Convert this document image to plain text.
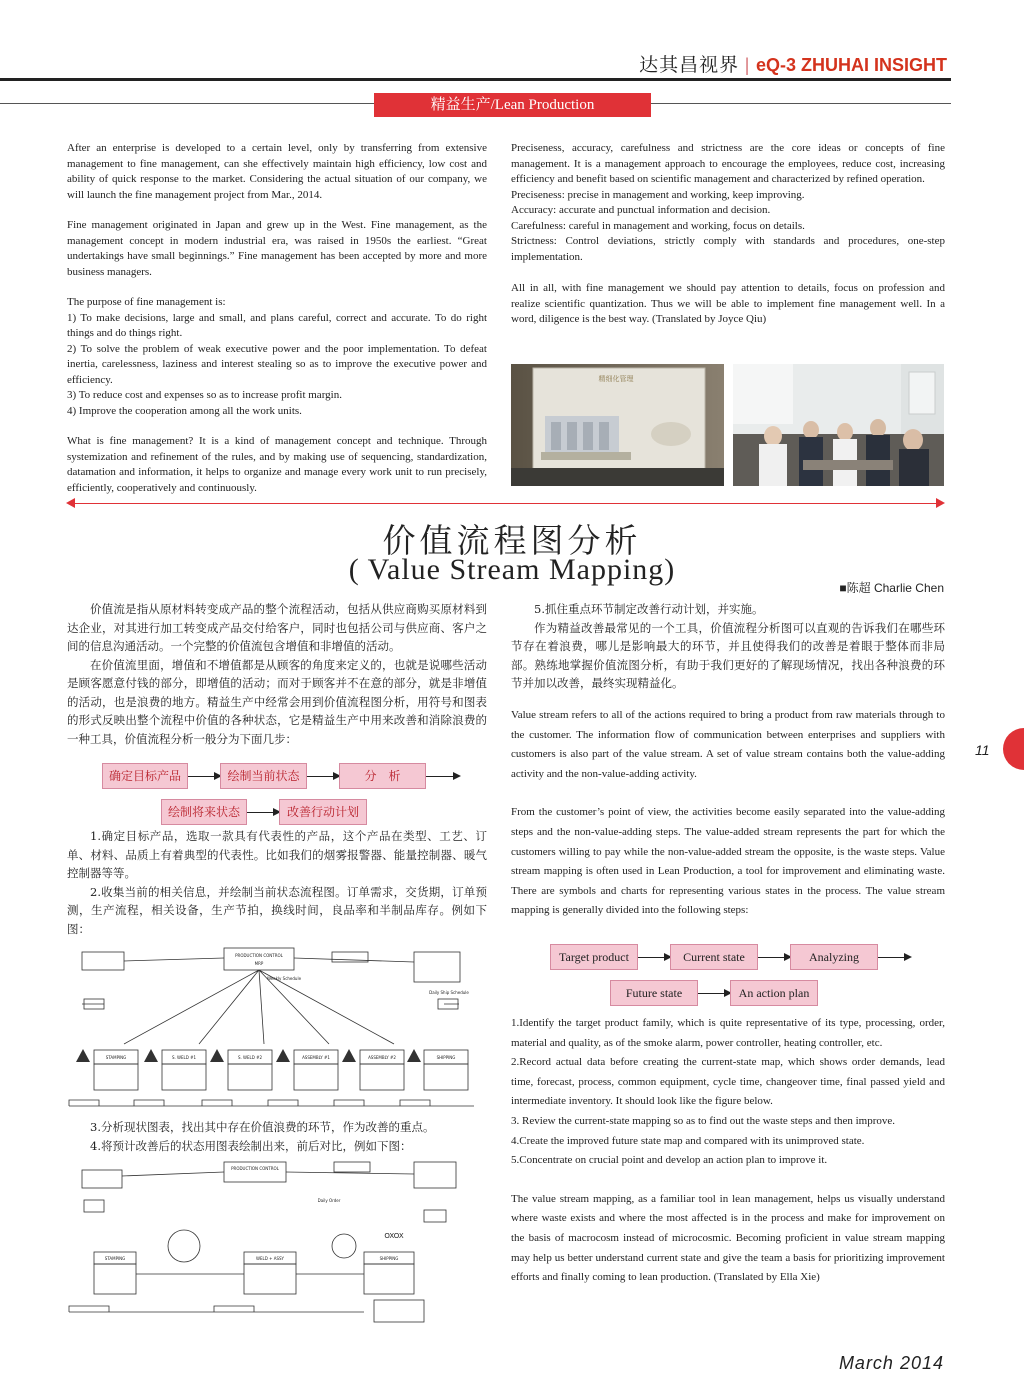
达其昌视界 | eQ-3 ZHUHAI INSIGHT
精益生产/Lean Production

After an enterprise is developed to a certain level, only by transferring from extensive management to fine management, can she effectively maintain high efficiency, low cost and ability of quick response to the market. Considering the actual situation of our company, we will launch the fine management project from Mar., 2014.

Fine management originated in Japan and grew up in the West. Fine management, as the management concept in modern industrial era, was raised in 1950s the earliest. “Great undertakings have small beginnings.” Fine management has been accepted by more and more business managers.

The purpose of fine management is:

1) To make decisions, large and small, and plans careful, correct and accurate. To do right things and do things right.

2) To solve the problem of weak executive power and the poor implementation. To defeat inertia, carelessness, laziness and interest stealing so as to improve the executive power and efficiency.

3) To reduce cost and expenses so as to increase profit margin.

4) Improve the cooperation among all the work units.

What is fine management? It is a kind of management concept and technique. Through systemization and refinement of the rules, and by making use of sequencing, standardization, datamation and information, it helps to organize and manage every work unit to run precisely, efficiently, cooperatively and continuously.

Preciseness, accuracy, carefulness and strictness are the core ideas or concepts of fine management. It is a management approach to encourage the employees, reduce cost, increasing efficiency and benefit based on scientific management and characterized by refined operation.

Preciseness: precise in management and working, keep improving.

Accuracy: accurate and punctual information and decision.

Carefulness: careful in management and working, focus on details.

Strictness: Control deviations, strictly comply with standards and procedures, one-step implementation.

All in all, with fine management we should pay attention to details, focus on profession and realize scientific quantization. Thus we will be able to implement fine management well. In a word, diligence is the best way. (Translated by Joyce Qiu)

精细化管理
价值流程图分析
( Value Stream Mapping)
■陈超 Charlie Chen

价值流是指从原材料转变成产品的整个流程活动，包括从供应商购买原材料到达企业，对其进行加工转变成产品交付给客户，同时也包括公司与供应商、客户之间的信息沟通活动。一个完整的价值流包含增值和非增值的活动。

在价值流里面，增值和不增值都是从顾客的角度来定义的，也就是说哪些活动是顾客愿意付钱的部分，即增值的活动；而对于顾客并不在意的部分，就是非增值的活动，也是浪费的地方。精益生产中经常会用到价值流程图分析，用符号和图表的形式反映出整个流程中价值的各种状态，它是精益生产中用来改善和消除浪费的一种工具，价值流程分析一般分为下面几步：

确定目标产品	绘制当前状态	分　析
绘制将来状态	改善行动计划

1.确定目标产品，选取一款具有代表性的产品，这个产品在类型、工艺、订单、材料、品质上有着典型的代表性。比如我们的烟雾报警器、能量控制器、暖气控制器等等。

2.收集当前的相关信息，并绘制当前状态流程图。订单需求，交货期，订单预测，生产流程，相关设备，生产节拍，换线时间，良品率和半制品库存。例如下图：

PRODUCTION CONTROL
MRP
Weekly Schedule
Daily Ship Schedule
STAMPING	S. WELD #1	S. WELD #2	ASSEMBLY #1	ASSEMBLY #2	SHIPPING

3.分析现状图表，找出其中存在价值浪费的环节，作为改善的重点。

4.将预计改善后的状态用图表绘制出来，前后对比，例如下图：

PRODUCTION CONTROL
Daily Order
OXOX
STAMPING	WELD + ASSY	SHIPPING

5.抓住重点环节制定改善行动计划，并实施。

作为精益改善最常见的一个工具，价值流程分析图可以直观的告诉我们在哪些环节存在着浪费，哪儿是影响最大的环节，并且使得我们的改善是着眼于整体而非局部。熟练地掌握价值流图分析，有助于我们更好的了解现场情况，找出各种浪费的环节并加以改善，最终实现精益化。

Value stream refers to all of the actions required to bring a product from raw materials through to the customer. The information flow of communication between enterprises and suppliers with customers is also part of the value stream. A set of value stream contains both the value-adding activity and the non-value-adding activity.

From the customer’s point of view, the activities become easily separated into the value-adding steps and the non-value-adding steps. The value-added stream represents the part for which the customers willing to pay while the non-value-added stream the opposite, is the waste steps. Value stream mapping is often used in Lean Production, a tool for improvement and eliminating waste. There are symbols and charts for representing various states in the process. The value stream mapping is generally divided into the following steps:

Target product	Current state	Analyzing
Future state	An action plan

1.Identify the target product family, which is quite representative of its type, processing, order, material and quality, as of the smoke alarm, power controller, heating controller, etc.

2.Record actual data before creating the current-state map, which shows order demands, lead time, forecast, process, common equipment, cycle time, changeover time, final passed yield and intermediate inventory. It should look like the figure below.

3. Review the current-state mapping so as to find out the waste steps and then improve.

4.Create the improved future state map and compared with its unimproved state.

5.Concentrate on crucial point and develop an action plan to improve it.

The value stream mapping, as a familiar tool in lean management, helps us visually understand where waste exists and where the most affected is in the process and make for improvement on the basis of macrocosm instead of microcosmic. Becoming proficient in value stream mapping may help us better understand current state and give the team a basis for prioritizing improvement efforts and finally coming to lean production. (Translated by Ella Xie)

11
March 2014
